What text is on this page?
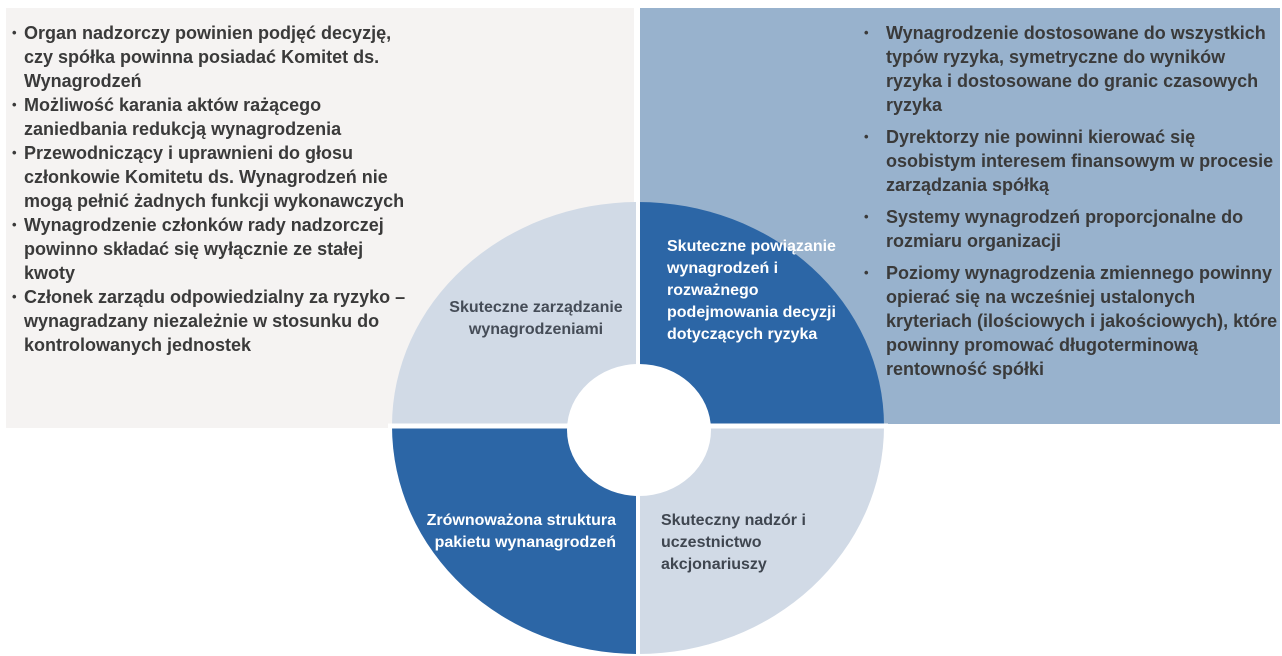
• Organ nadzorczy powinien podjęć decyzję, czy spółka powinna posiadać Komitet ds. Wynagrodzeń
• Możliwość karania aktów rażącego zaniedbania redukcją wynagrodzenia
• Przewodniczący i uprawnieni do głosu członkowie Komitetu ds. Wynagrodzeń nie mogą pełnić żadnych funkcji wykonawczych
• Wynagrodzenie członków rady nadzorczej powinno składać się wyłącznie ze stałej kwoty
• Członek zarządu odpowiedzialny za ryzyko – wynagradzany niezależnie w stosunku do kontrolowanych jednostek
• Wynagrodzenie dostosowane do wszystkich typów ryzyka, symetryczne do wyników ryzyka i dostosowane do granic czasowych ryzyka
• Dyrektorzy nie powinni kierować się osobistym interesem finansowym w procesie zarządzania spółką
• Systemy wynagrodzeń proporcjonalne do rozmiaru organizacji
• Poziomy wynagrodzenia zmiennego powinny opierać się na wcześniej ustalonych kryteriach (ilościowych i jakościowych), które powinny promować długoterminową rentowność spółki
Skuteczne zarządzanie wynagrodzeniami
Skuteczne powiązanie wynagrodzeń i rozważnego podejmowania decyzji dotyczących ryzyka
Zrównoważona struktura pakietu wynanagrodzeń
Skuteczny nadzór i uczestnictwo akcjonariuszy
